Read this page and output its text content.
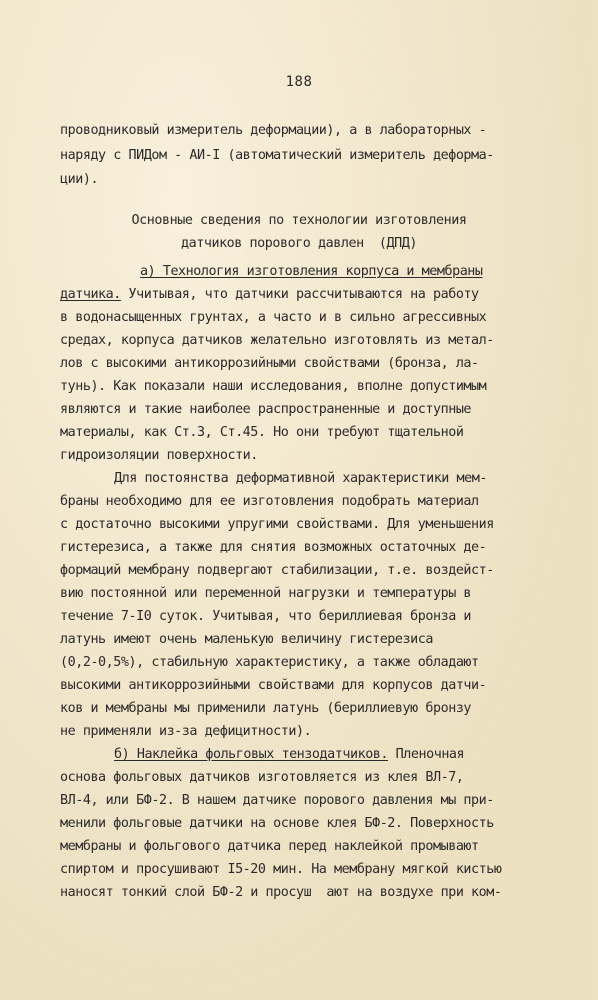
188
проводниковый измеритель деформации), а в лабораторных -
наряду с ПИДом - АИ-I (автоматический измеритель деформа-
ции).
Основные сведения по технологии изготовления
датчиков порового давлен  (ДПД)
а) Технология изготовления корпуса и мембраны
датчика. Учитывая, что датчики рассчитываются на работу
в водонасыщенных грунтах, а часто и в сильно агрессивных
средах, корпуса датчиков желательно изготовлять из метал-
лов с высокими антикоррозийными свойствами (бронза, ла-
тунь). Как показали наши исследования, вполне допустимым
являются и такие наиболее распространенные и доступные
материалы, как Ст.3, Ст.45. Но они требуют тщательной
гидроизоляции поверхности.
Для постоянства деформативной характеристики мем-
браны необходимо для ее изготовления подобрать материал
с достаточно высокими упругими свойствами. Для уменьшения
гистерезиса, а также для снятия возможных остаточных де-
формаций мембрану подвергают стабилизации, т.е. воздейст-
вию постоянной или переменной нагрузки и температуры в
течение 7-I0 суток. Учитывая, что бериллиевая бронза и
латунь имеют очень маленькую величину гистерезиса
(0,2-0,5%), стабильную характеристику, а также обладают
высокими антикоррозийными свойствами для корпусов датчи-
ков и мембраны мы применили латунь (бериллиевую бронзу
не применяли из-за дефицитности).
б) Наклейка фольговых тензодатчиков. Пленочная
основа фольговых датчиков изготовляется из клея ВЛ-7,
ВЛ-4, или БФ-2. В нашем датчике порового давления мы при-
менили фольговые датчики на основе клея БФ-2. Поверхность
мембраны и фольгового датчика перед наклейкой промывают
спиртом и просушивают I5-20 мин. На мембрану мягкой кистью
наносят тонкий слой БФ-2 и просуш  ают на воздухе при ком-
